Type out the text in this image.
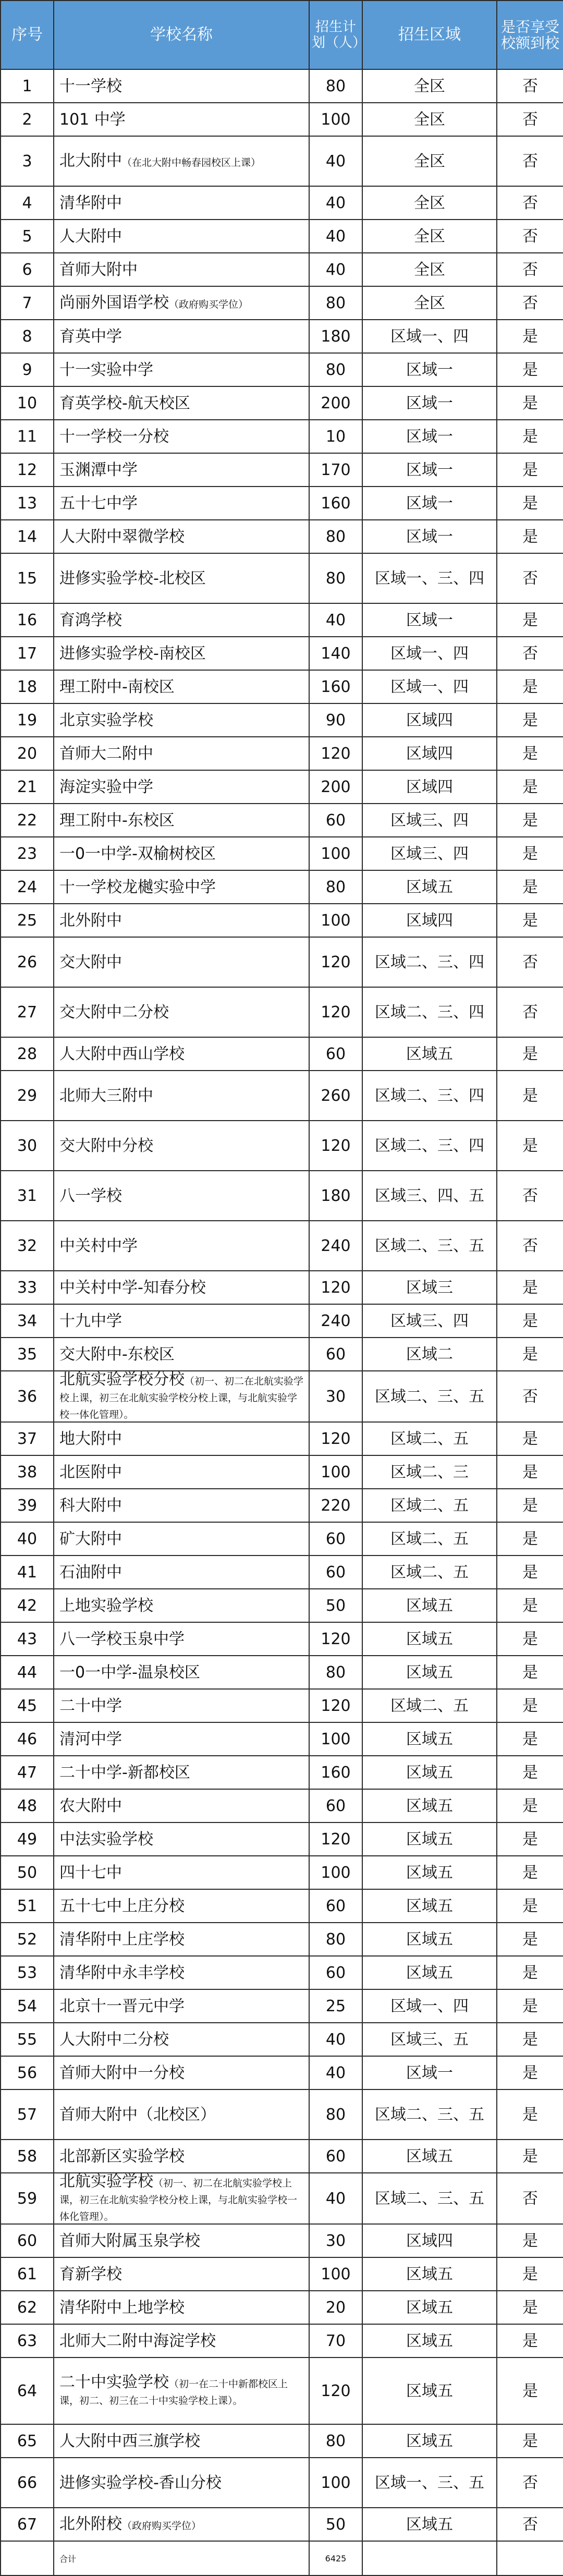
序号	学校名称	招生计划（人）	招生区域	是否享受校额到校
1	十一学校	80	全区	否
2	101 中学	100	全区	否
3	北大附中（在北大附中畅春园校区上课）	40	全区	否
4	清华附中	40	全区	否
5	人大附中	40	全区	否
6	首师大附中	40	全区	否
7	尚丽外国语学校（政府购买学位）	80	全区	否
8	育英中学	180	区域一、四	是
9	十一实验中学	80	区域一	是
10	育英学校-航天校区	200	区域一	是
11	十一学校一分校	10	区域一	是
12	玉渊潭中学	170	区域一	是
13	五十七中学	160	区域一	是
14	人大附中翠微学校	80	区域一	是
15	进修实验学校-北校区	80	区域一、三、四	否
16	育鸿学校	40	区域一	是
17	进修实验学校-南校区	140	区域一、四	否
18	理工附中-南校区	160	区域一、四	是
19	北京实验学校	90	区域四	是
20	首师大二附中	120	区域四	是
21	海淀实验中学	200	区域四	是
22	理工附中-东校区	60	区域三、四	是
23	一0一中学-双榆树校区	100	区域三、四	是
24	十一学校龙樾实验中学	80	区域五	是
25	北外附中	100	区域四	是
26	交大附中	120	区域二、三、四	否
27	交大附中二分校	120	区域二、三、四	否
28	人大附中西山学校	60	区域五	是
29	北师大三附中	260	区域二、三、四	是
30	交大附中分校	120	区域二、三、四	是
31	八一学校	180	区域三、四、五	否
32	中关村中学	240	区域二、三、五	否
33	中关村中学-知春分校	120	区域三	是
34	十九中学	240	区域三、四	是
35	交大附中-东校区	60	区域二	是
36	北航实验学校分校（初一、初二在北航实验学校上课，初三在北航实验学校分校上课，与北航实验学校一体化管理）。	30	区域二、三、五	否
37	地大附中	120	区域二、五	是
38	北医附中	100	区域二、三	是
39	科大附中	220	区域二、五	是
40	矿大附中	60	区域二、五	是
41	石油附中	60	区域二、五	是
42	上地实验学校	50	区域五	是
43	八一学校玉泉中学	120	区域五	是
44	一0一中学-温泉校区	80	区域五	是
45	二十中学	120	区域二、五	是
46	清河中学	100	区域五	是
47	二十中学-新都校区	160	区域五	是
48	农大附中	60	区域五	是
49	中法实验学校	120	区域五	是
50	四十七中	100	区域五	是
51	五十七中上庄分校	60	区域五	是
52	清华附中上庄学校	80	区域五	是
53	清华附中永丰学校	60	区域五	是
54	北京十一晋元中学	25	区域一、四	是
55	人大附中二分校	40	区域三、五	是
56	首师大附中一分校	40	区域一	是
57	首师大附中（北校区）	80	区域二、三、五	是
58	北部新区实验学校	60	区域五	是
59	北航实验学校（初一、初二在北航实验学校上课，初三在北航实验学校分校上课，与北航实验学校一体化管理）。	40	区域二、三、五	否
60	首师大附属玉泉学校	30	区域四	是
61	育新学校	100	区域五	是
62	清华附中上地学校	20	区域五	是
63	北师大二附中海淀学校	70	区域五	是
64	二十中实验学校（初一在二十中新都校区上课，初二、初三在二十中实验学校上课）。	120	区域五	是
65	人大附中西三旗学校	80	区域五	是
66	进修实验学校-香山分校	100	区域一、三、五	否
67	北外附校（政府购买学位）	50	区域五	否
	合计	6425		
